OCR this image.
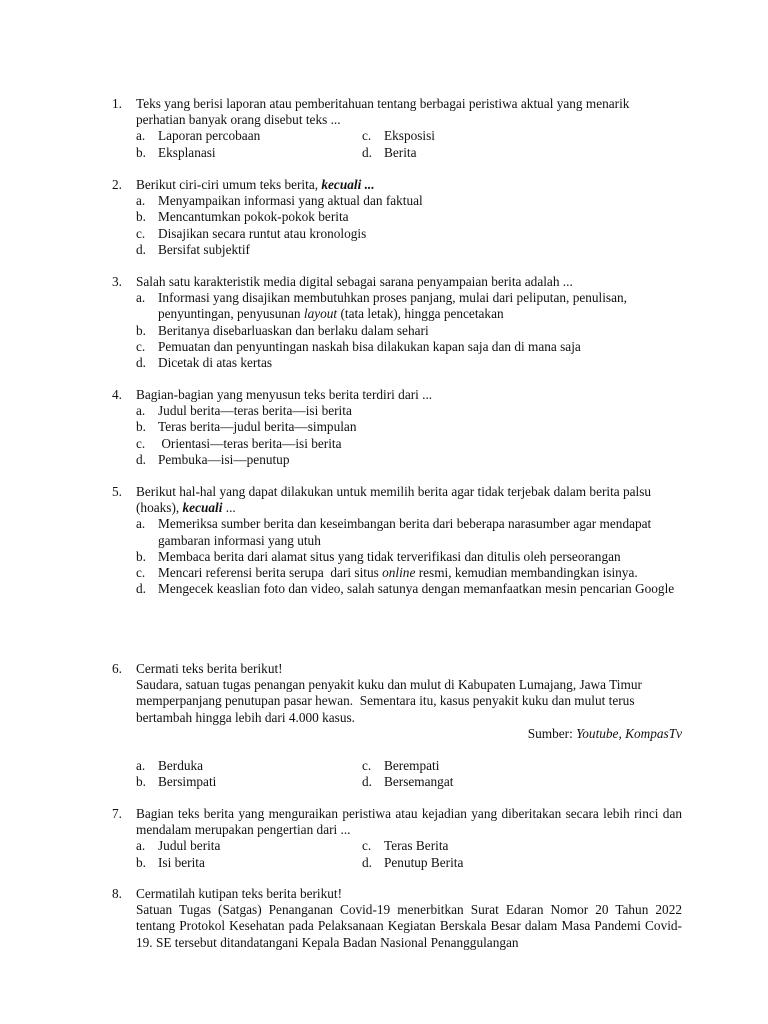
1.	Teks yang berisi laporan atau pemberitahuan tentang berbagai peristiwa aktual yang menarik perhatian banyak orang disebut teks ...
a. Laporan percobaan	c. Eksposisi
b. Eksplanasi	d. Berita
2.	Berikut ciri-ciri umum teks berita, kecuali ...
a. Menyampaikan informasi yang aktual dan faktual
b. Mencantumkan pokok-pokok berita
c. Disajikan secara runtut atau kronologis
d. Bersifat subjektif
3.	Salah satu karakteristik media digital sebagai sarana penyampaian berita adalah ...
a. Informasi yang disajikan membutuhkan proses panjang, mulai dari peliputan, penulisan, penyuntingan, penyusunan layout (tata letak), hingga pencetakan
b. Beritanya disebarluaskan dan berlaku dalam sehari
c. Pemuatan dan penyuntingan naskah bisa dilakukan kapan saja dan di mana saja
d. Dicetak di atas kertas
4.	Bagian-bagian yang menyusun teks berita terdiri dari ...
a. Judul berita—teras berita—isi berita
b. Teras berita—judul berita—simpulan
c. Orientasi—teras berita—isi berita
d. Pembuka—isi—penutup
5.	Berikut hal-hal yang dapat dilakukan untuk memilih berita agar tidak terjebak dalam berita palsu (hoaks), kecuali ...
a. Memeriksa sumber berita dan keseimbangan berita dari beberapa narasumber agar mendapat gambaran informasi yang utuh
b. Membaca berita dari alamat situs yang tidak terverifikasi dan ditulis oleh perseorangan
c. Mencari referensi berita serupa  dari situs online resmi, kemudian membandingkan isinya.
d. Mengecek keaslian foto dan video, salah satunya dengan memanfaatkan mesin pencarian Google
6.	Cermati teks berita berikut!
Saudara, satuan tugas penangan penyakit kuku dan mulut di Kabupaten Lumajang, Jawa Timur memperpanjang penutupan pasar hewan.  Sementara itu, kasus penyakit kuku dan mulut terus bertambah hingga lebih dari 4.000 kasus.
Sumber: Youtube, KompasTv
a. Berduka	c. Berempati
b. Bersimpati	d. Bersemangat
7.	Bagian teks berita yang menguraikan peristiwa atau kejadian yang diberitakan secara lebih rinci dan mendalam merupakan pengertian dari ...
a. Judul berita	c. Teras Berita
b. Isi berita	d. Penutup Berita
8.	Cermatilah kutipan teks berita berikut!
Satuan Tugas (Satgas) Penanganan Covid-19 menerbitkan Surat Edaran Nomor 20 Tahun 2022 tentang Protokol Kesehatan pada Pelaksanaan Kegiatan Berskala Besar dalam Masa Pandemi Covid-19. SE tersebut ditandatangani Kepala Badan Nasional Penanggulangan
